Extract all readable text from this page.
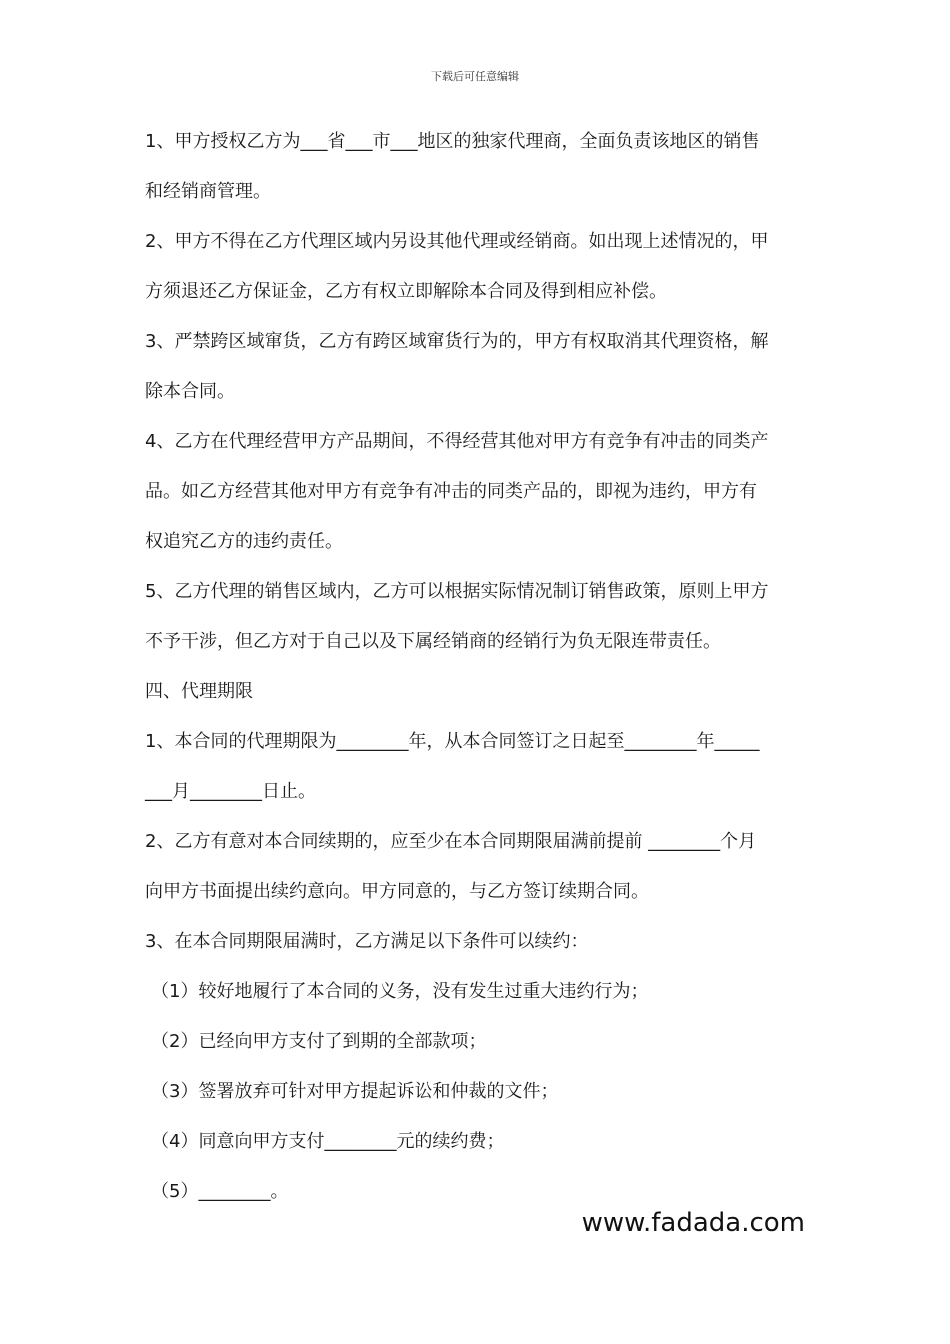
下载后可任意编辑
1、甲方授权乙方为___省___市___地区的独家代理商，全面负责该地区的销售
和经销商管理。
2、甲方不得在乙方代理区域内另设其他代理或经销商。如出现上述情况的，甲
方须退还乙方保证金，乙方有权立即解除本合同及得到相应补偿。
3、严禁跨区域窜货，乙方有跨区域窜货行为的，甲方有权取消其代理资格，解
除本合同。
4、乙方在代理经营甲方产品期间，不得经营其他对甲方有竞争有冲击的同类产
品。如乙方经营其他对甲方有竞争有冲击的同类产品的，即视为违约，甲方有
权追究乙方的违约责任。
5、乙方代理的销售区域内，乙方可以根据实际情况制订销售政策，原则上甲方
不予干涉，但乙方对于自己以及下属经销商的经销行为负无限连带责任。
四、代理期限
1、本合同的代理期限为________年，从本合同签订之日起至________年_____
___月________日止。
2、乙方有意对本合同续期的，应至少在本合同期限届满前提前 ________个月
向甲方书面提出续约意向。甲方同意的，与乙方签订续期合同。
3、在本合同期限届满时，乙方满足以下条件可以续约：
（1）较好地履行了本合同的义务，没有发生过重大违约行为；
（2）已经向甲方支付了到期的全部款项；
（3）签署放弃可针对甲方提起诉讼和仲裁的文件；
（4）同意向甲方支付________元的续约费；
（5）________。
www.fadada.com
